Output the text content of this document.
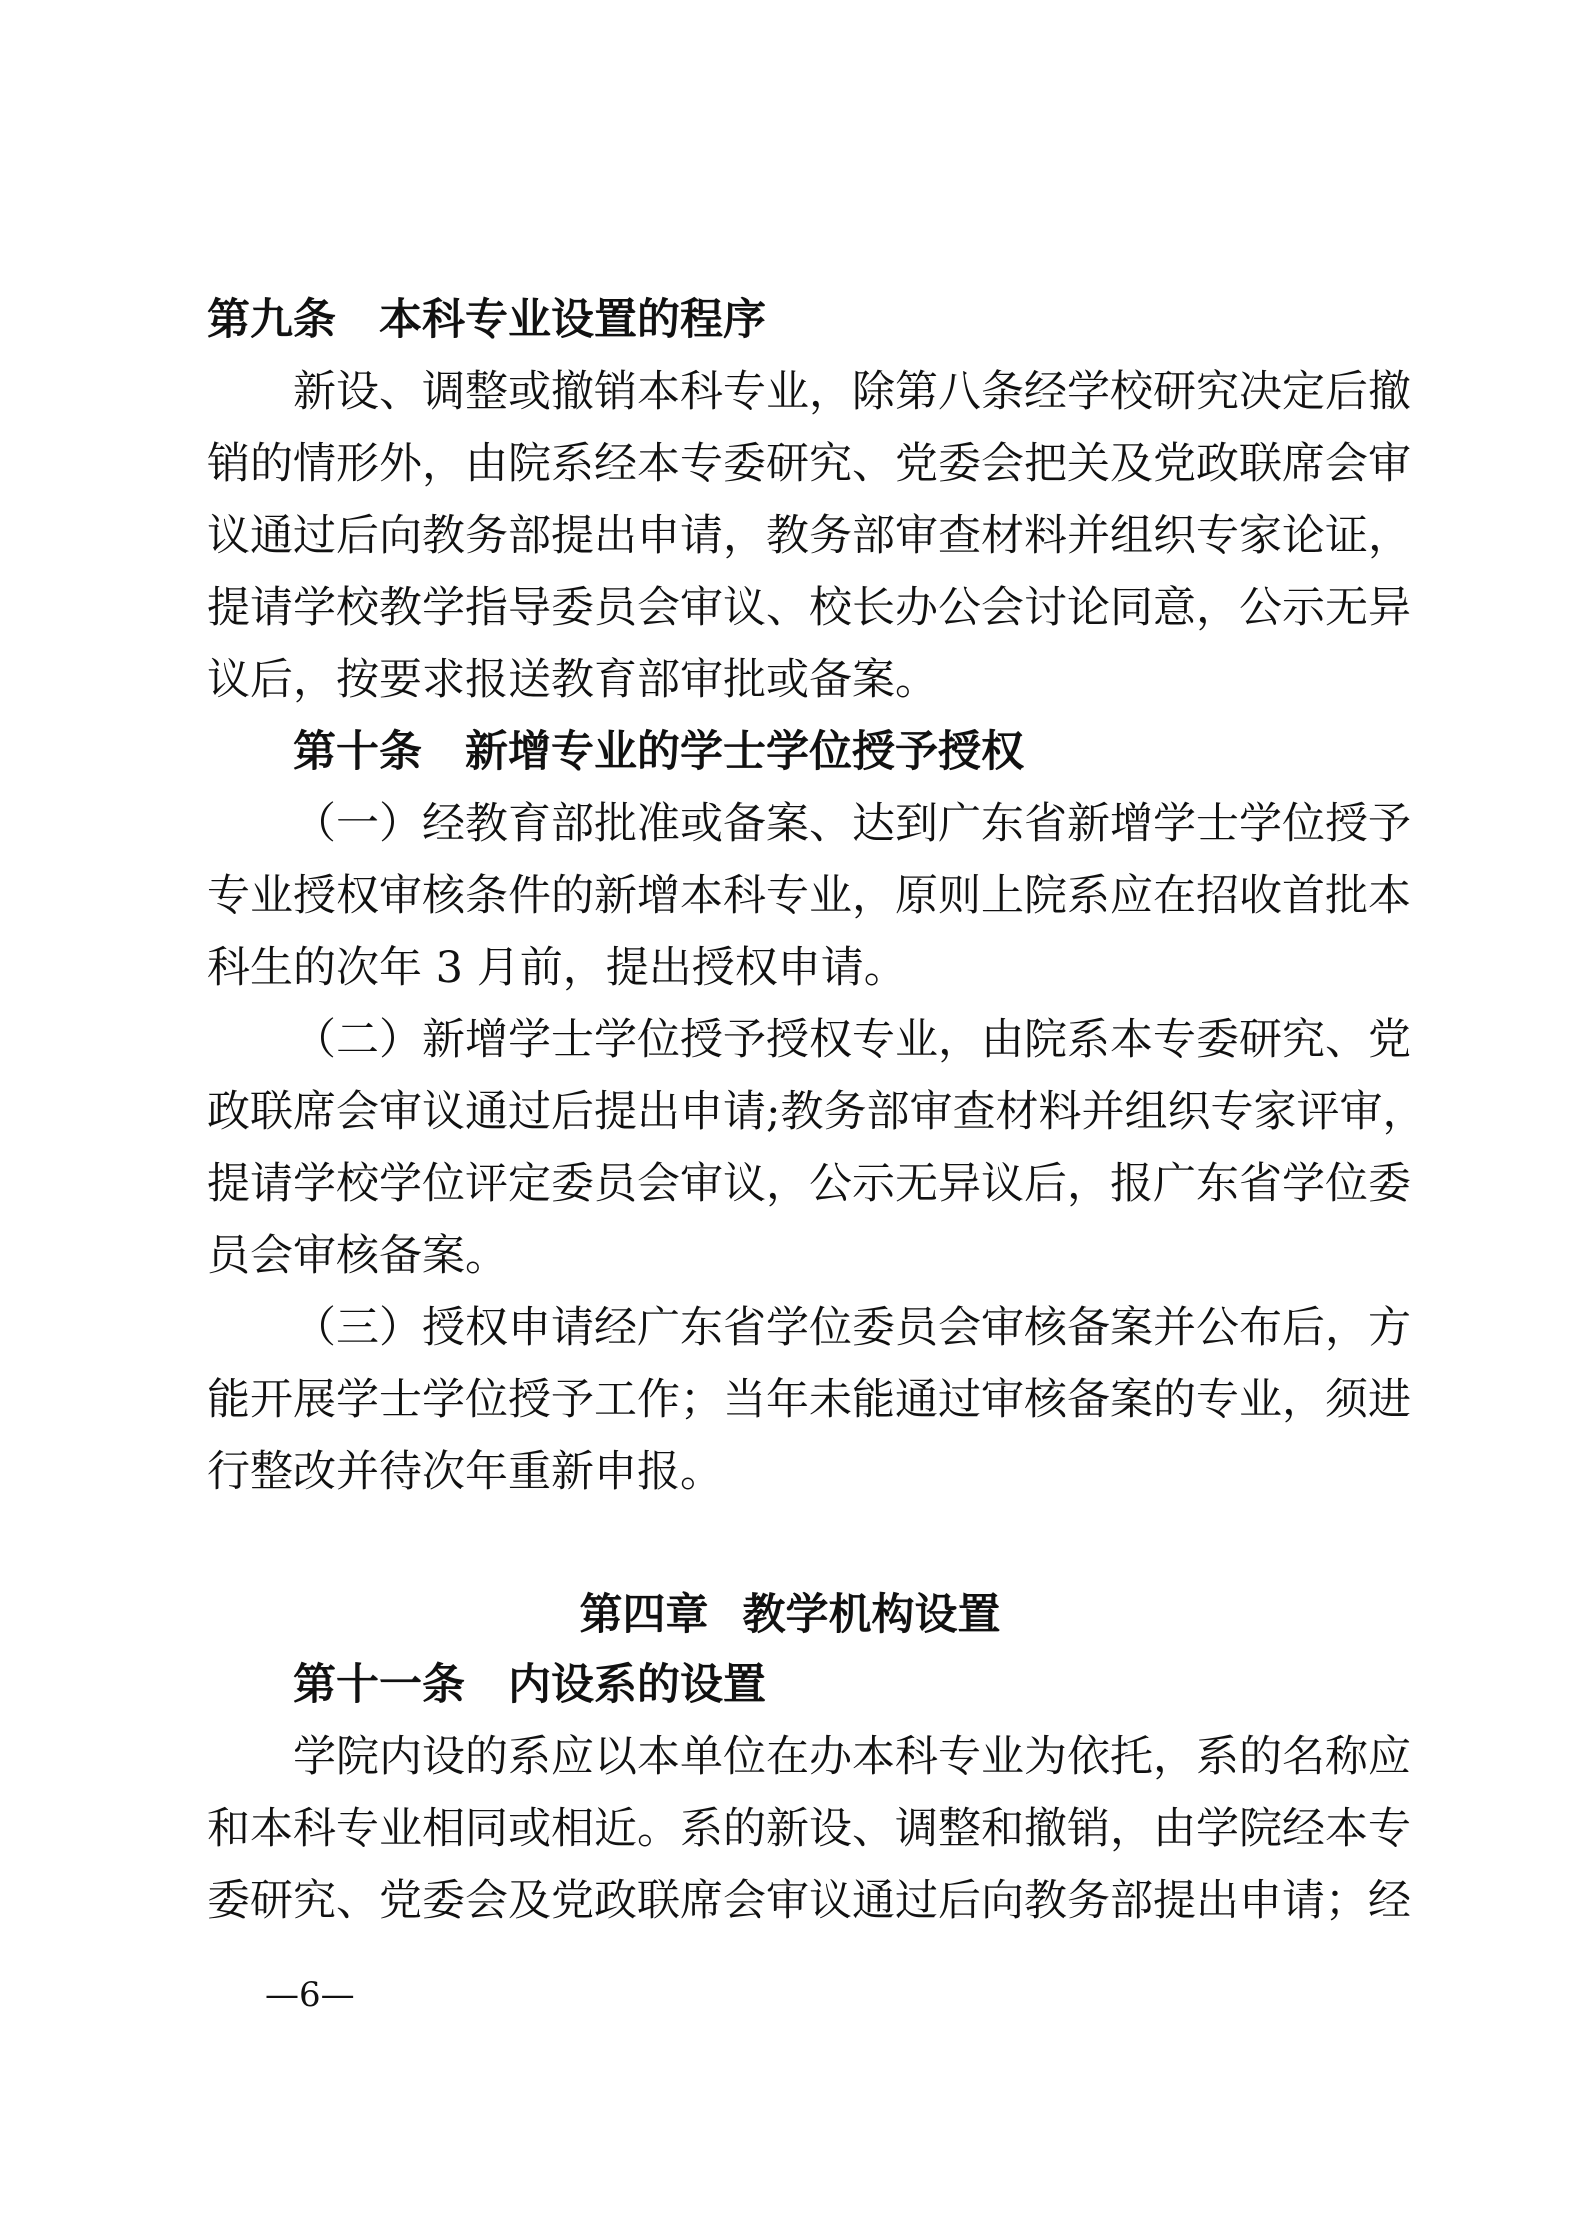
第九条 本科专业设置的程序

新设、调整或撤销本科专业，除第八条经学校研究决定后撤

销的情形外，由院系经本专委研究、党委会把关及党政联席会审

议通过后向教务部提出申请，教务部审查材料并组织专家论证，

提请学校教学指导委员会审议、校长办公会讨论同意，公示无异

议后，按要求报送教育部审批或备案。

第十条 新增专业的学士学位授予授权

（一）经教育部批准或备案、达到广东省新增学士学位授予

专业授权审核条件的新增本科专业，原则上院系应在招收首批本

科生的次年 3 月前，提出授权申请。

（二）新增学士学位授予授权专业，由院系本专委研究、党

政联席会审议通过后提出申请;教务部审查材料并组织专家评审，

提请学校学位评定委员会审议，公示无异议后，报广东省学位委

员会审核备案。

（三）授权申请经广东省学位委员会审核备案并公布后，方

能开展学士学位授予工作；当年未能通过审核备案的专业，须进

行整改并待次年重新申报。

第四章 教学机构设置
第十一条 内设系的设置

学院内设的系应以本单位在办本科专业为依托，系的名称应

和本科专业相同或相近。系的新设、调整和撤销，由学院经本专

委研究、党委会及党政联席会审议通过后向教务部提出申请；经

—6—
